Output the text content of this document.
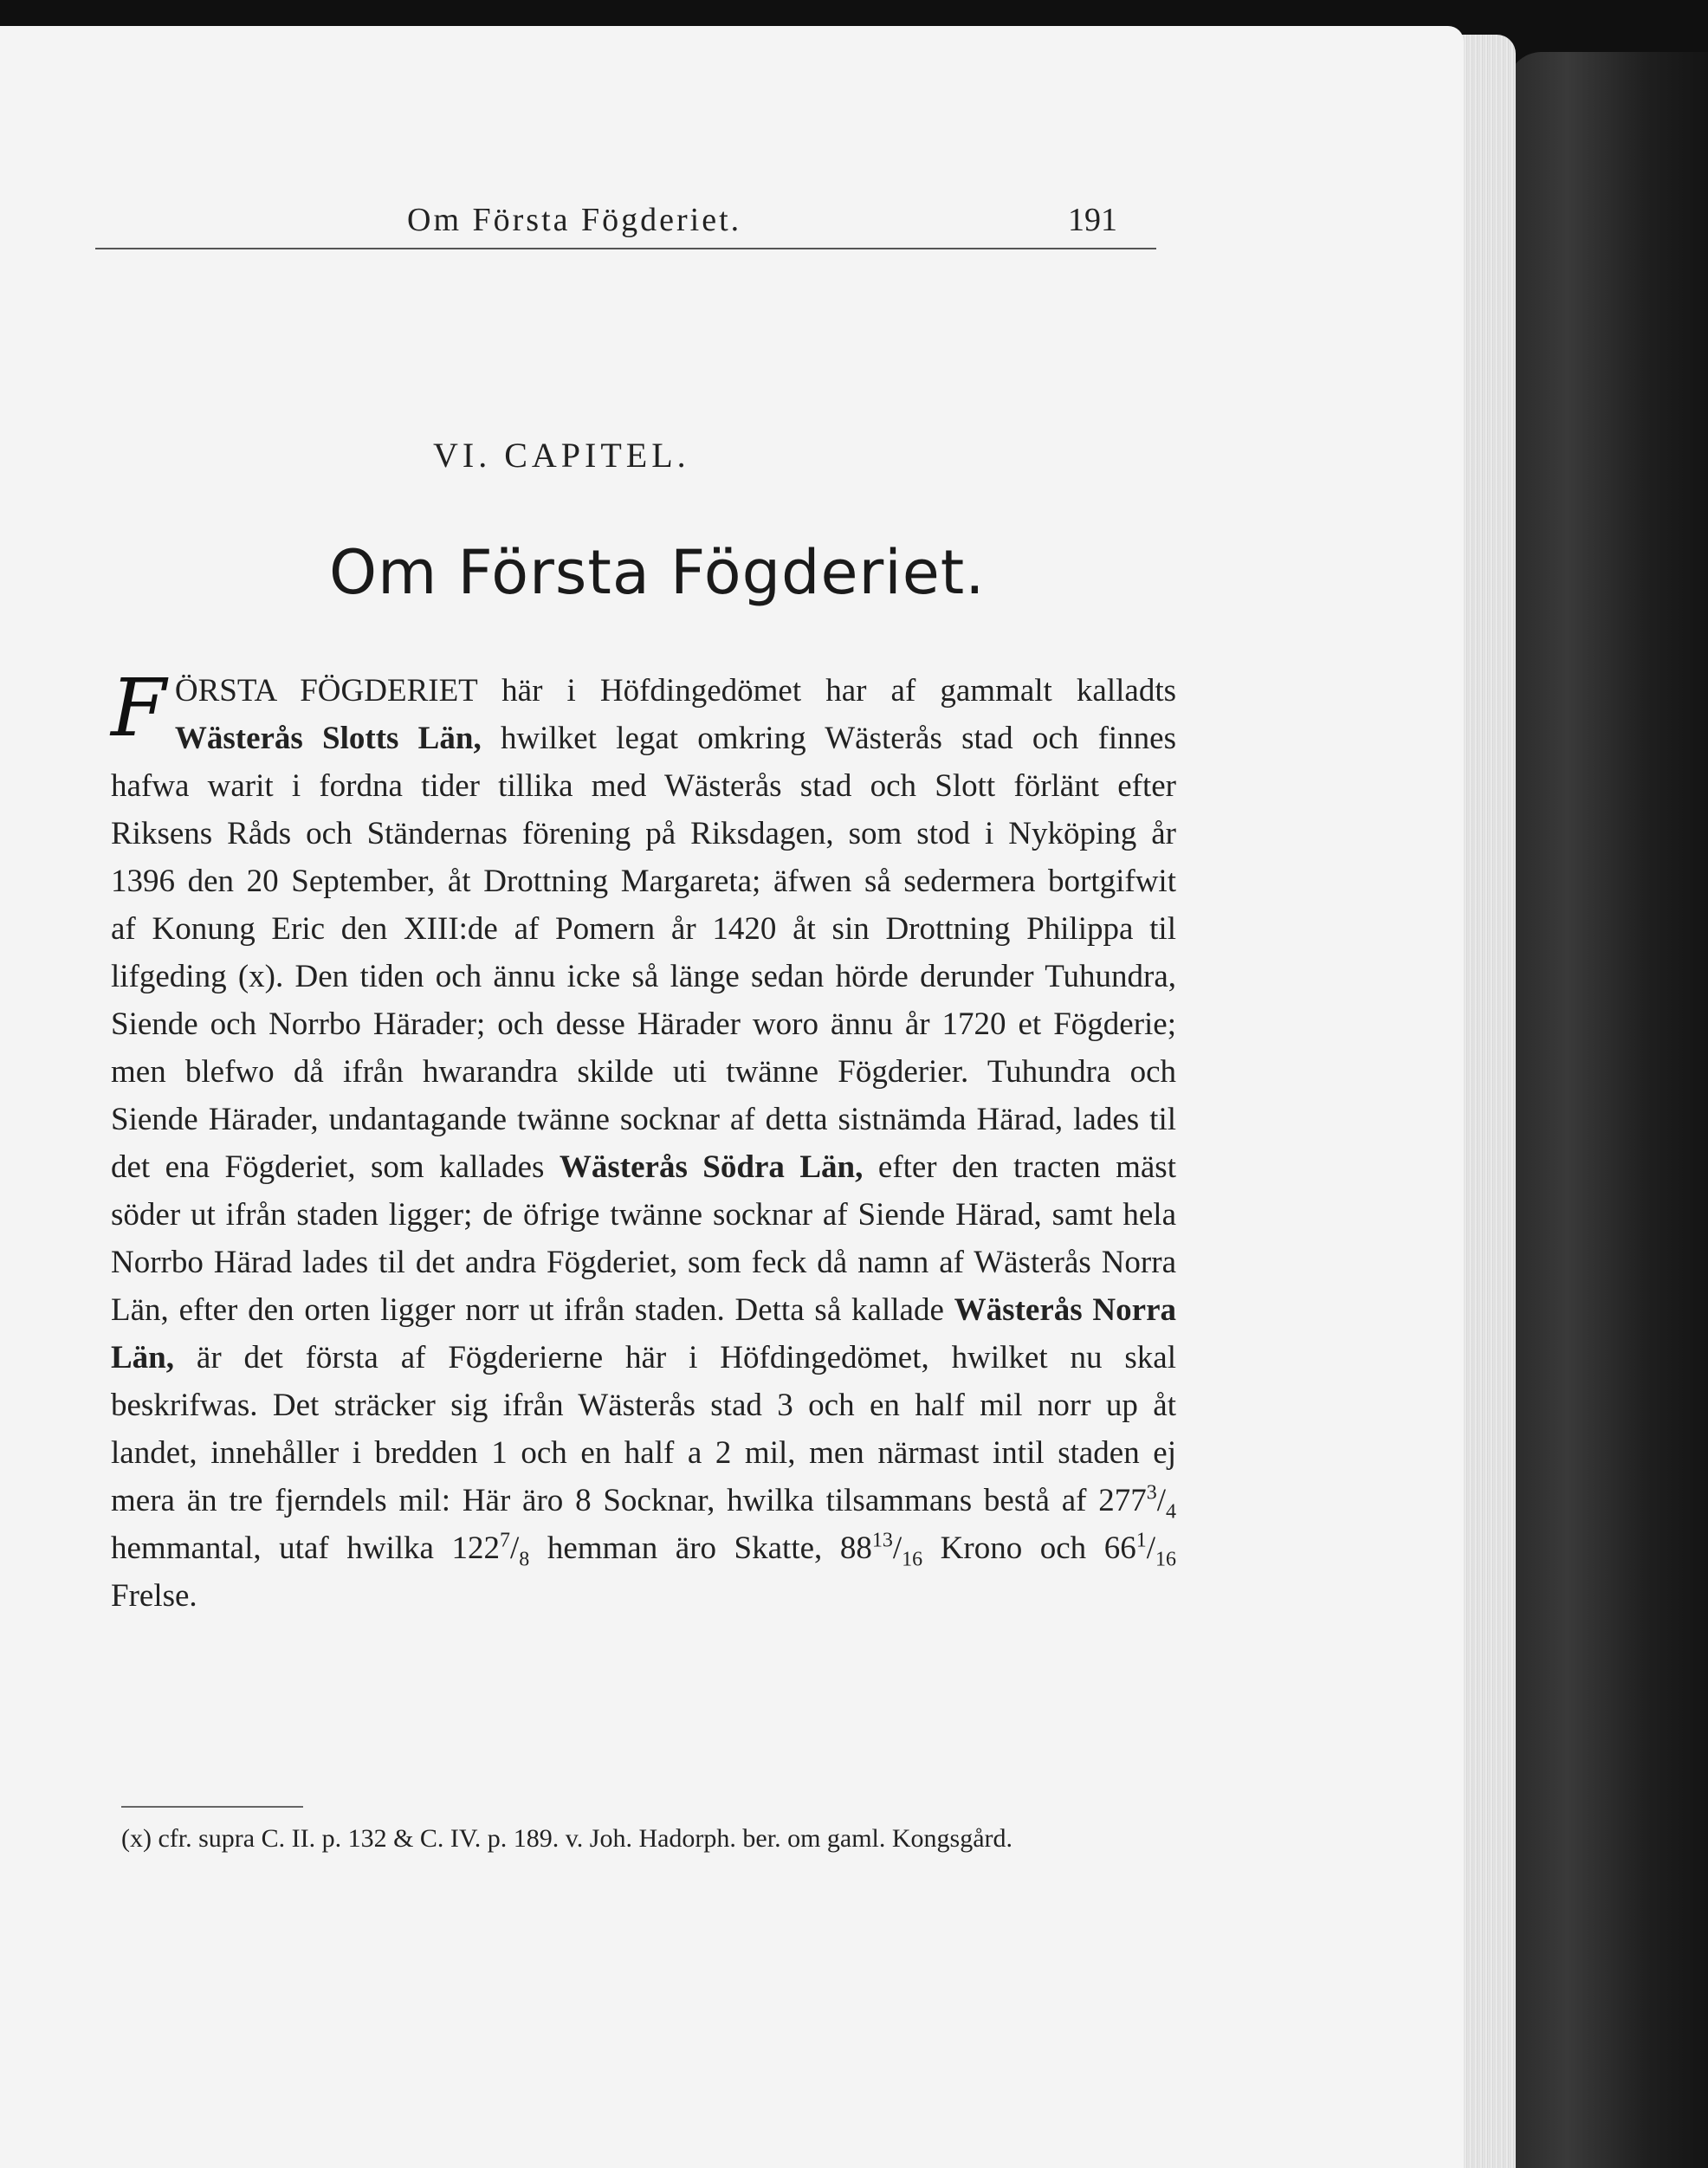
Om Första Fögderiet.	191
VI. CAPITEL.
Om Första Fögderiet.
FÖRSTA FÖGDERIET här i Höfdingedömet har af gammalt kalladts Wästerås Slotts Län, hwilket legat omkring Wästerås stad och finnes hafwa warit i fordna tider tillika med Wästerås stad och Slott förlänt efter Riksens Råds och Ständernas förening på Riksdagen, som stod i Nyköping år 1396 den 20 September, åt Drottning Margareta; äfwen så sedermera bortgifwit af Konung Eric den XIII:de af Pomern år 1420 åt sin Drottning Philippa til lifgeding (x). Den tiden och ännu icke så länge sedan hörde derunder Tuhundra, Siende och Norrbo Härader; och desse Härader woro ännu år 1720 et Fögderie; men blefwo då ifrån hwarandra skilde uti twänne Fögderier. Tuhundra och Siende Härader, undantagande twänne socknar af detta sistnämda Härad, lades til det ena Fögderiet, som kallades Wästerås Södra Län, efter den tracten mäst söder ut ifrån staden ligger; de öfrige twänne socknar af Siende Härad, samt hela Norrbo Härad lades til det andra Fögderiet, som feck då namn af Wästerås Norra Län, efter den orten ligger norr ut ifrån staden. Detta så kallade Wästerås Norra Län, är det första af Fögderierne här i Höfdingedömet, hwilket nu skal beskrifwas. Det sträcker sig ifrån Wästerås stad 3 och en half mil norr up åt landet, innehåller i bredden 1 och en half a 2 mil, men närmast intil staden ej mera än tre fjerndels mil: Här äro 8 Socknar, hwilka tilsammans bestå af $277^3/_4$ hemmantal, utaf hwilka $122^7/_8$ hemman äro Skatte, $88^{13}/_{16}$ Krono och $66^1/_{16}$ Frelse.
(x) cfr. supra C. II. p. 132 & C. IV. p. 189. v. Joh. Hadorph. ber. om gaml. Kongsgård.
